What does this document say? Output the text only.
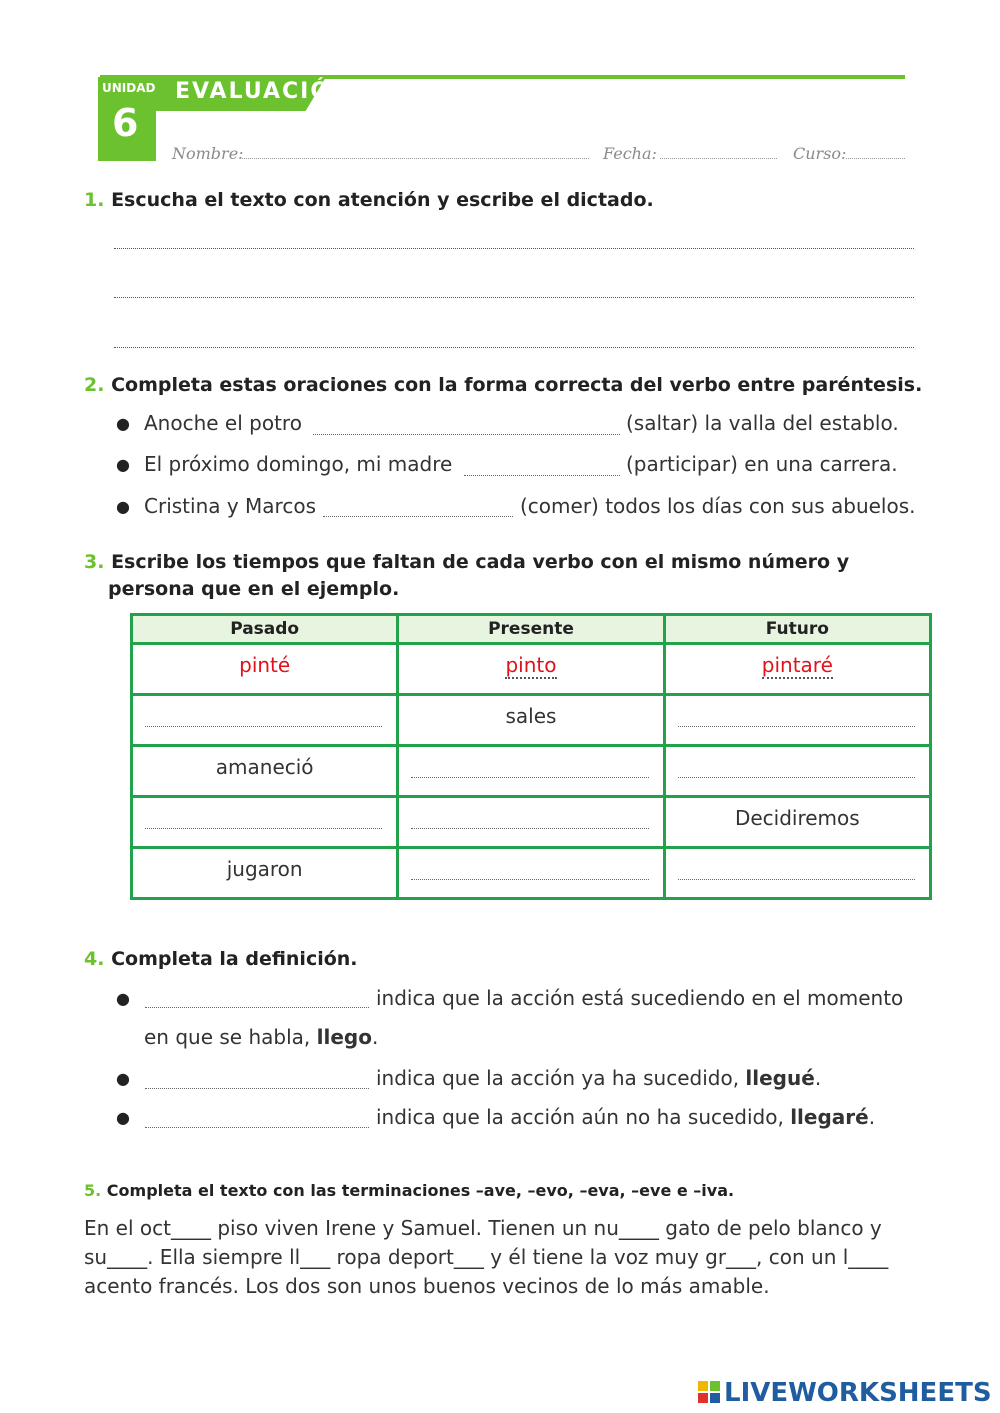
UNIDAD
6
EVALUACIÓN
Nombre:	Fecha:	Curso:
1. Escucha el texto con atención y escribe el dictado.
2. Completa estas oraciones con la forma correcta del verbo entre paréntesis.
● Anoche el potro	(saltar) la valla del establo.
● El próximo domingo, mi madre	(participar) en una carrera.
● Cristina y Marcos	(comer) todos los días con sus abuelos.
3. Escribe los tiempos que faltan de cada verbo con el mismo número y
persona que en el ejemplo.
Pasado	Presente	Futuro

pinté	pinto	pintaré

	sales	

amaneció		

		Decidiremos

jugaron		

4. Completa la definición.
●	indica que la acción está sucediendo en el momento
en que se habla, llego.
●	indica que la acción ya ha sucedido, llegué.
●	indica que la acción aún no ha sucedido, llegaré.
5. Completa el texto con las terminaciones –ave, –evo, –eva, –eve e –iva.
En el oct____ piso viven Irene y Samuel. Tienen un nu____ gato de pelo blanco y
su____. Ella siempre ll___ ropa deport___ y él tiene la voz muy gr___, con un l____
acento francés. Los dos son unos buenos vecinos de lo más amable.
LIVEWORKSHEETS
